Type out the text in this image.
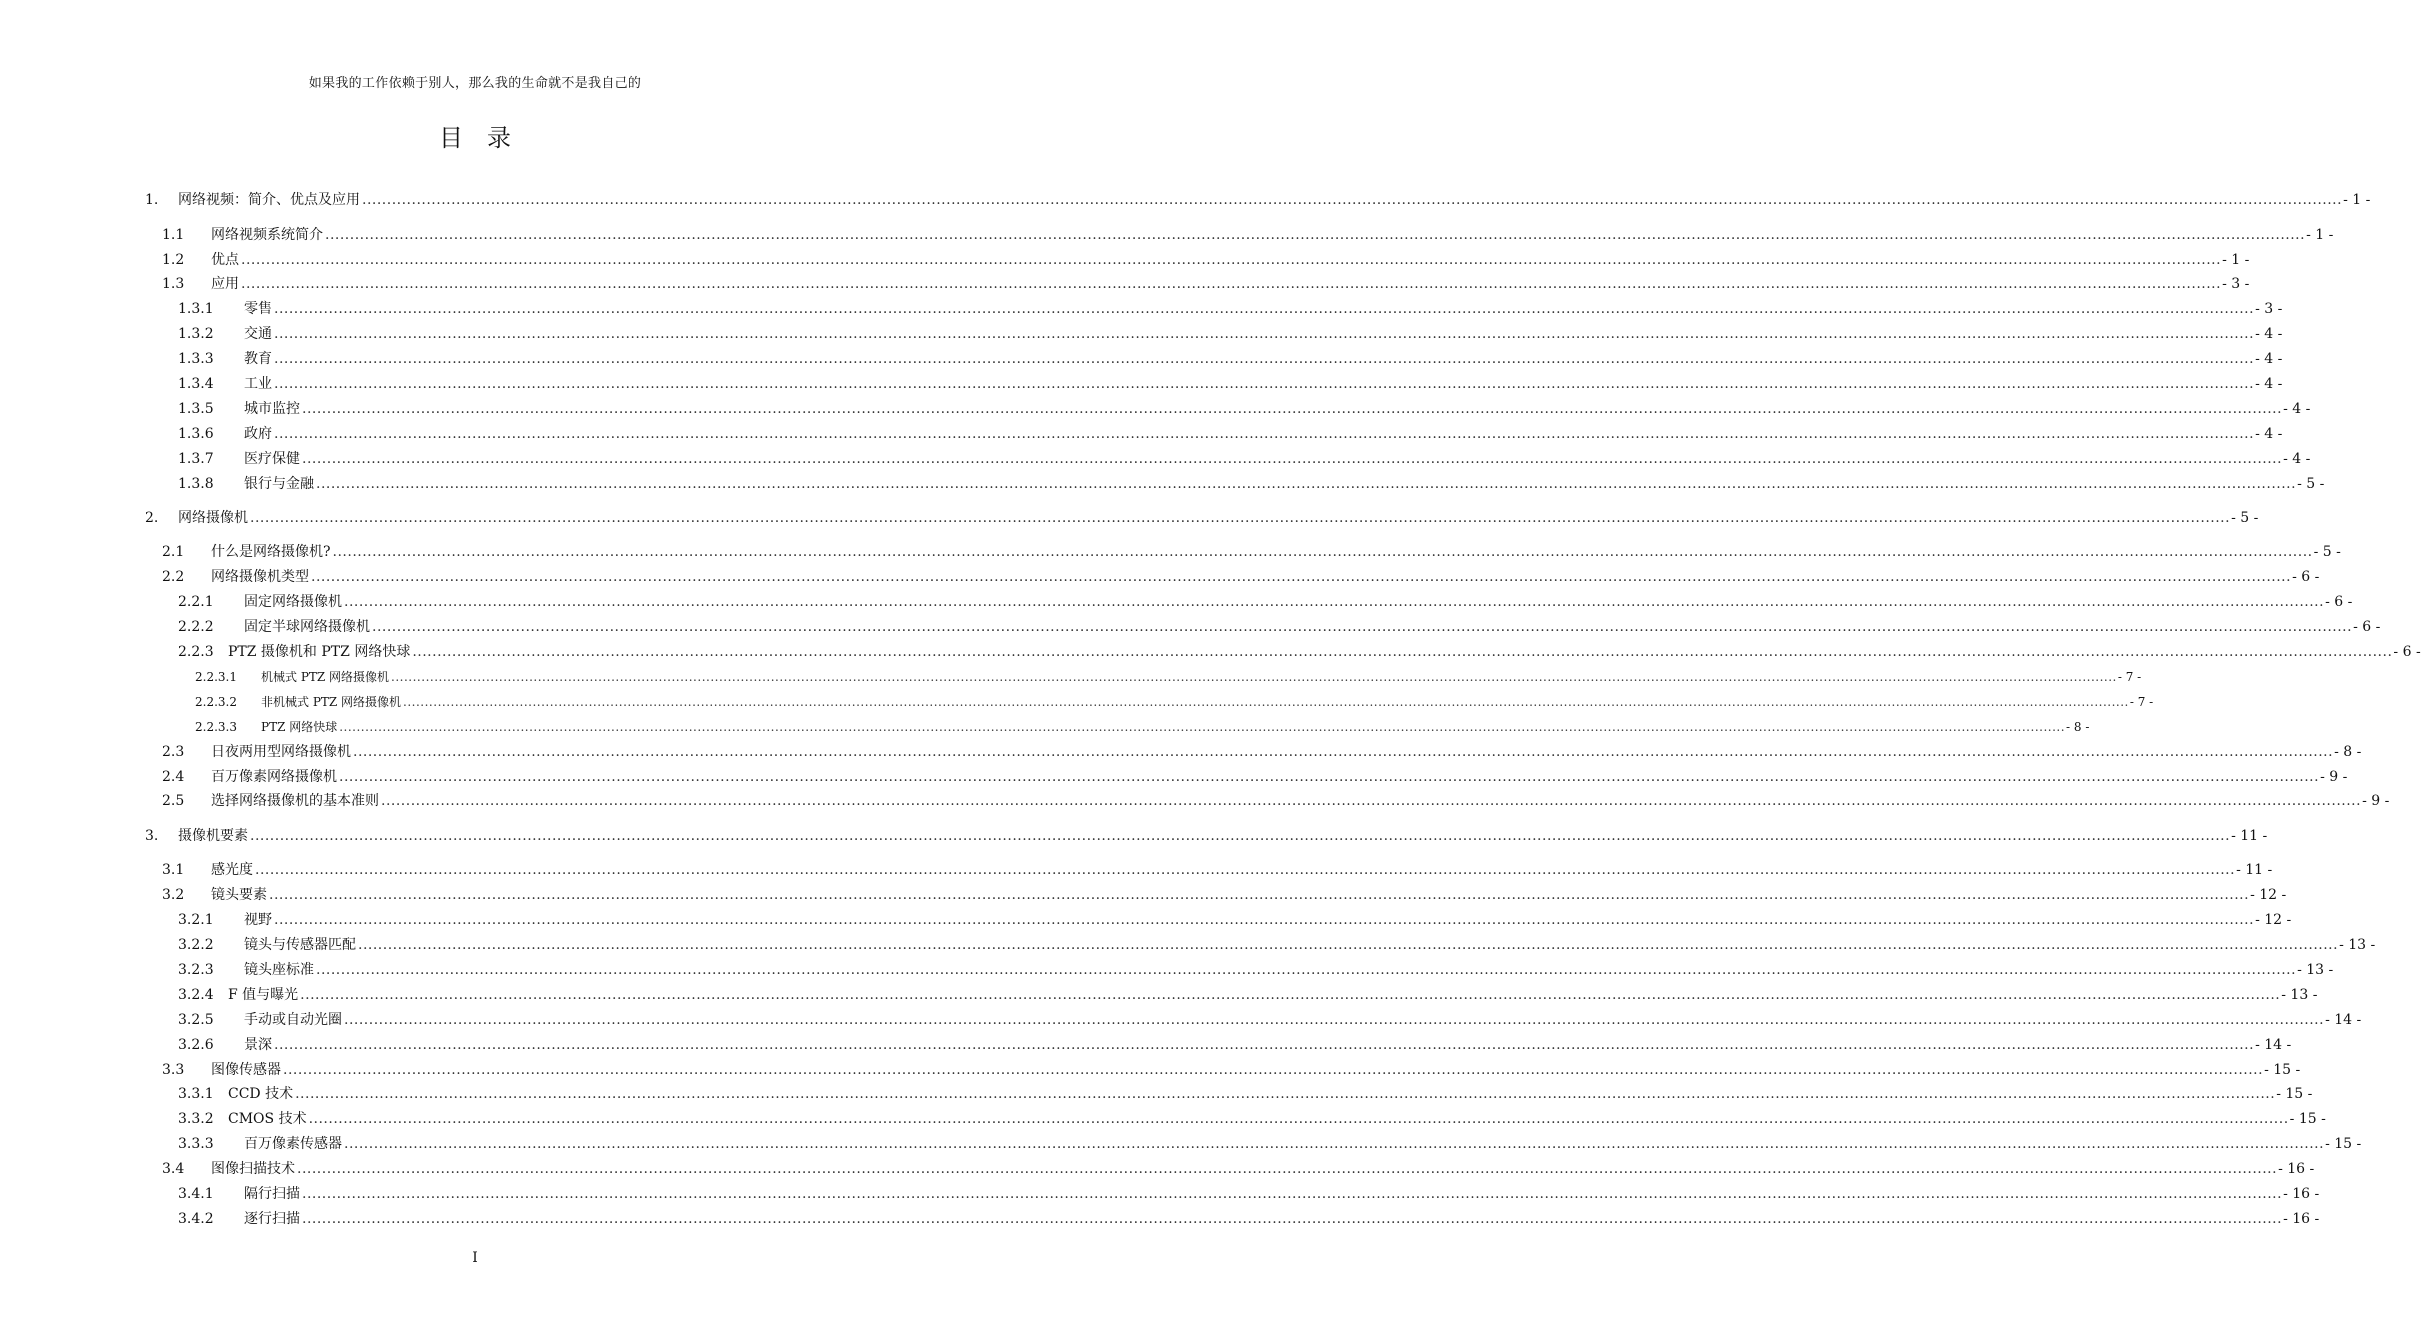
如果我的工作依赖于别人，那么我的生命就不是我自己的
目录
1. 网络视频：简介、优点及应用 ................................................................................................................................................................................................................................................................................................................................................................................................................ - 1 -
1.1 网络视频系统简介 ................................................................................................................................................................................................................................................................................................................................................................................................................ - 1 -
1.2 优点 ................................................................................................................................................................................................................................................................................................................................................................................................................ - 1 -
1.3 应用 ................................................................................................................................................................................................................................................................................................................................................................................................................ - 3 -
1.3.1 零售 ................................................................................................................................................................................................................................................................................................................................................................................................................ - 3 -
1.3.2 交通 ................................................................................................................................................................................................................................................................................................................................................................................................................ - 4 -
1.3.3 教育 ................................................................................................................................................................................................................................................................................................................................................................................................................ - 4 -
1.3.4 工业 ................................................................................................................................................................................................................................................................................................................................................................................................................ - 4 -
1.3.5 城市监控 ................................................................................................................................................................................................................................................................................................................................................................................................................ - 4 -
1.3.6 政府 ................................................................................................................................................................................................................................................................................................................................................................................................................ - 4 -
1.3.7 医疗保健 ................................................................................................................................................................................................................................................................................................................................................................................................................ - 4 -
1.3.8 银行与金融 ................................................................................................................................................................................................................................................................................................................................................................................................................ - 5 -
2. 网络摄像机 ................................................................................................................................................................................................................................................................................................................................................................................................................ - 5 -
2.1 什么是网络摄像机? ................................................................................................................................................................................................................................................................................................................................................................................................................ - 5 -
2.2 网络摄像机类型 ................................................................................................................................................................................................................................................................................................................................................................................................................ - 6 -
2.2.1 固定网络摄像机 ................................................................................................................................................................................................................................................................................................................................................................................................................ - 6 -
2.2.2 固定半球网络摄像机 ................................................................................................................................................................................................................................................................................................................................................................................................................ - 6 -
2.2.3 PTZ 摄像机和 PTZ 网络快球 ................................................................................................................................................................................................................................................................................................................................................................................................................ - 6 -
2.2.3.1 机械式 PTZ 网络摄像机 ................................................................................................................................................................................................................................................................................................................................................................................................................ - 7 -
2.2.3.2 非机械式 PTZ 网络摄像机 ................................................................................................................................................................................................................................................................................................................................................................................................................ - 7 -
2.2.3.3 PTZ 网络快球 ................................................................................................................................................................................................................................................................................................................................................................................................................ - 8 -
2.3 日夜两用型网络摄像机 ................................................................................................................................................................................................................................................................................................................................................................................................................ - 8 -
2.4 百万像素网络摄像机 ................................................................................................................................................................................................................................................................................................................................................................................................................ - 9 -
2.5 选择网络摄像机的基本准则 ................................................................................................................................................................................................................................................................................................................................................................................................................ - 9 -
3. 摄像机要素 ................................................................................................................................................................................................................................................................................................................................................................................................................ - 11 -
3.1 感光度 ................................................................................................................................................................................................................................................................................................................................................................................................................ - 11 -
3.2 镜头要素 ................................................................................................................................................................................................................................................................................................................................................................................................................ - 12 -
3.2.1 视野 ................................................................................................................................................................................................................................................................................................................................................................................................................ - 12 -
3.2.2 镜头与传感器匹配 ................................................................................................................................................................................................................................................................................................................................................................................................................ - 13 -
3.2.3 镜头座标准 ................................................................................................................................................................................................................................................................................................................................................................................................................ - 13 -
3.2.4 F 值与曝光 ................................................................................................................................................................................................................................................................................................................................................................................................................ - 13 -
3.2.5 手动或自动光圈 ................................................................................................................................................................................................................................................................................................................................................................................................................ - 14 -
3.2.6 景深 ................................................................................................................................................................................................................................................................................................................................................................................................................ - 14 -
3.3 图像传感器 ................................................................................................................................................................................................................................................................................................................................................................................................................ - 15 -
3.3.1 CCD 技术 ................................................................................................................................................................................................................................................................................................................................................................................................................ - 15 -
3.3.2 CMOS 技术 ................................................................................................................................................................................................................................................................................................................................................................................................................ - 15 -
3.3.3 百万像素传感器 ................................................................................................................................................................................................................................................................................................................................................................................................................ - 15 -
3.4 图像扫描技术 ................................................................................................................................................................................................................................................................................................................................................................................................................ - 16 -
3.4.1 隔行扫描 ................................................................................................................................................................................................................................................................................................................................................................................................................ - 16 -
3.4.2 逐行扫描 ................................................................................................................................................................................................................................................................................................................................................................................................................ - 16 -
I
